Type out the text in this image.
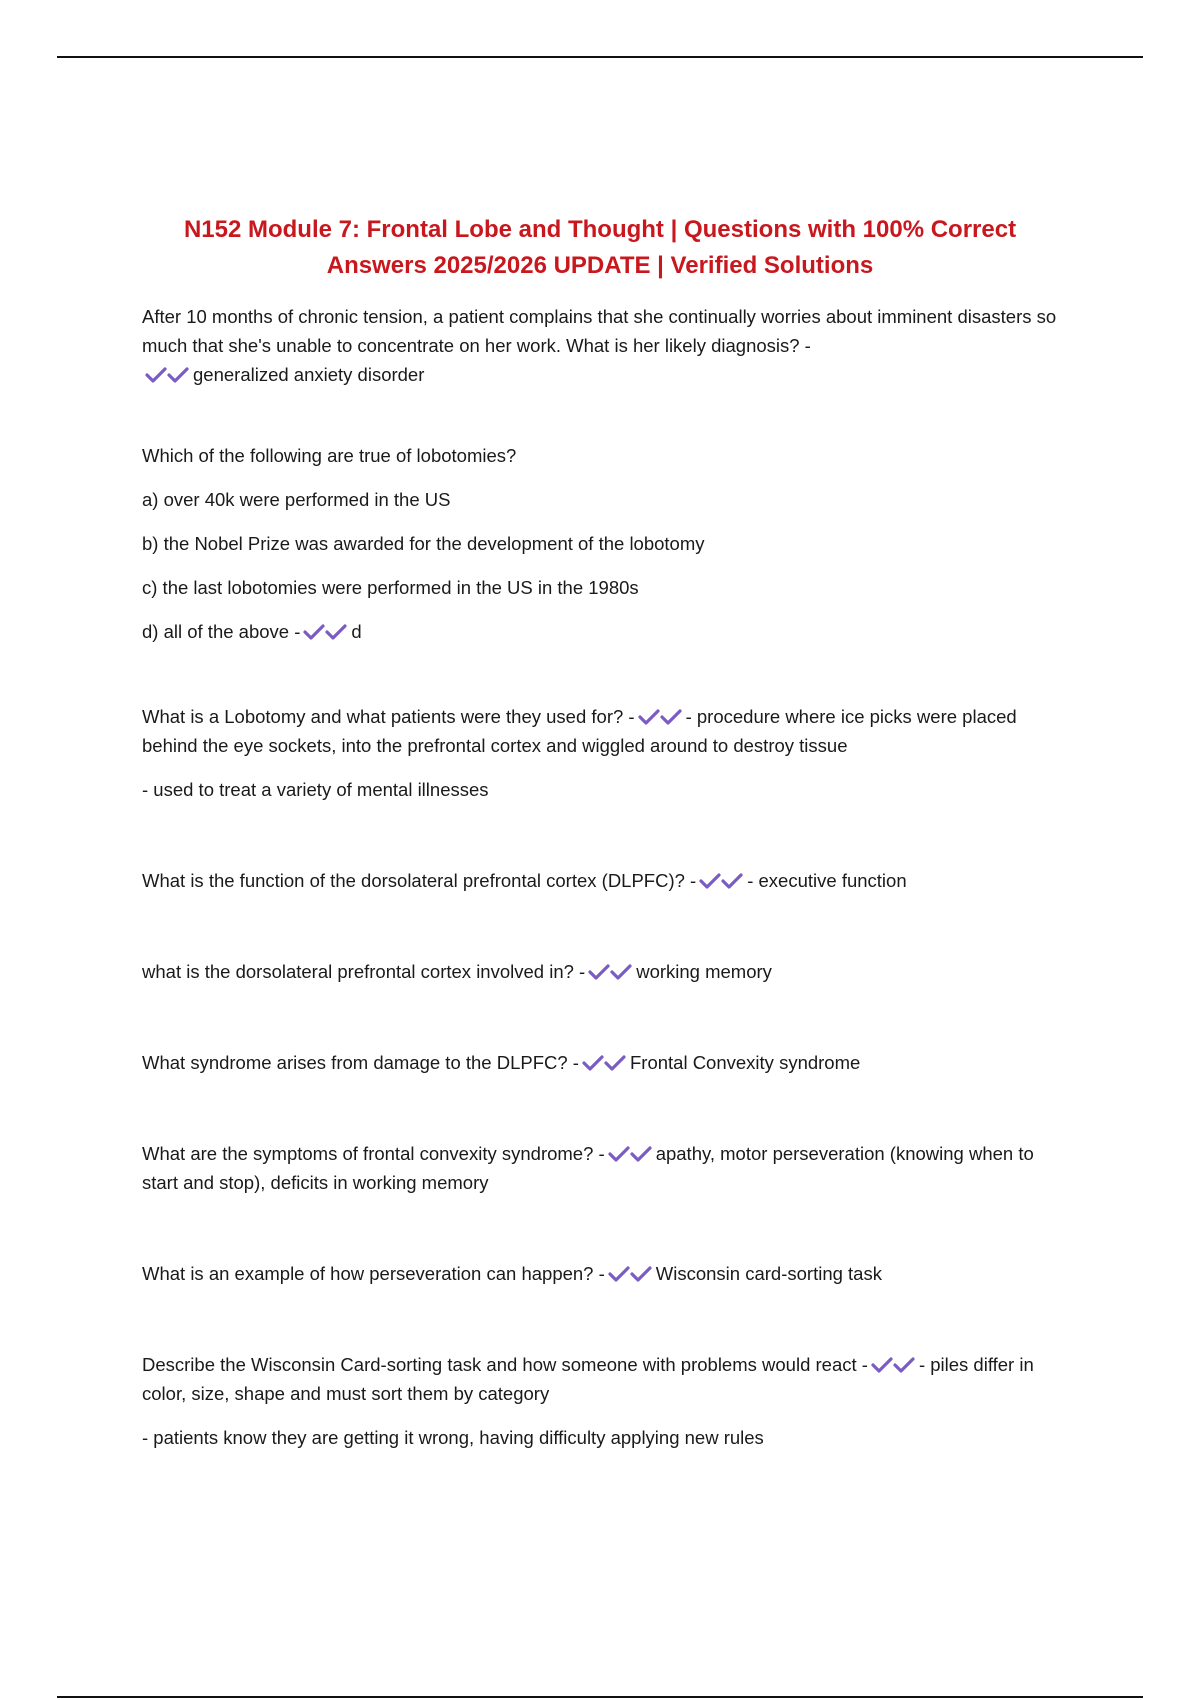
N152 Module 7: Frontal Lobe and Thought | Questions with 100% Correct
Answers 2025/2026 UPDATE | Verified Solutions

After 10 months of chronic tension, a patient complains that she continually worries about imminent disasters so much that she's unable to concentrate on her work. What is her likely diagnosis? -

generalized anxiety disorder

Which of the following are true of lobotomies?

a) over 40k were performed in the US

b) the Nobel Prize was awarded for the development of the lobotomy

c) the last lobotomies were performed in the US in the 1980s

d) all of the above -	d

What is a Lobotomy and what patients were they used for? -	- procedure where ice picks were placed behind the eye sockets, into the prefrontal cortex and wiggled around to destroy tissue

- used to treat a variety of mental illnesses

What is the function of the dorsolateral prefrontal cortex (DLPFC)? -	- executive function

what is the dorsolateral prefrontal cortex involved in? -	working memory

What syndrome arises from damage to the DLPFC? -	Frontal Convexity syndrome

What are the symptoms of frontal convexity syndrome? -	apathy, motor perseveration (knowing when to start and stop), deficits in working memory

What is an example of how perseveration can happen? -	Wisconsin card-sorting task

Describe the Wisconsin Card-sorting task and how someone with problems would react -	- piles differ in color, size, shape and must sort them by category

- patients know they are getting it wrong, having difficulty applying new rules
